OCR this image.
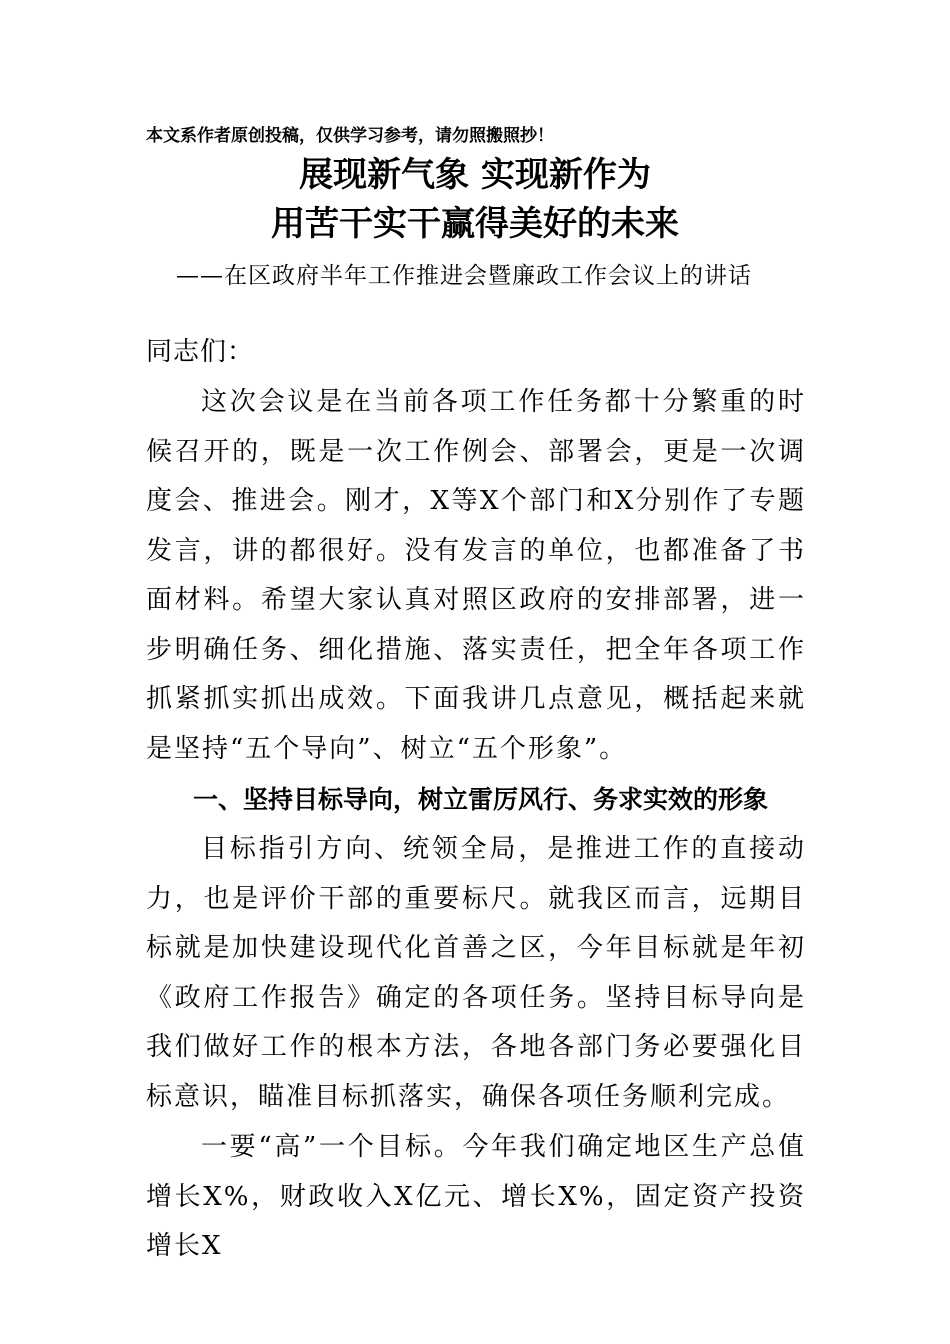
本文系作者原创投稿，仅供学习参考，请勿照搬照抄！
展现新气象 实现新作为
用苦干实干赢得美好的未来
——在区政府半年工作推进会暨廉政工作会议上的讲话
同志们：
这次会议是在当前各项工作任务都十分繁重的时候召开的，既是一次工作例会、部署会，更是一次调度会、推进会。刚才，X等X个部门和X分别作了专题发言，讲的都很好。没有发言的单位，也都准备了书面材料。希望大家认真对照区政府的安排部署，进一步明确任务、细化措施、落实责任，把全年各项工作抓紧抓实抓出成效。下面我讲几点意见，概括起来就是坚持“五个导向”、树立“五个形象”。
一、坚持目标导向，树立雷厉风行、务求实效的形象
目标指引方向、统领全局，是推进工作的直接动力，也是评价干部的重要标尺。就我区而言，远期目标就是加快建设现代化首善之区，今年目标就是年初《政府工作报告》确定的各项任务。坚持目标导向是我们做好工作的根本方法，各地各部门务必要强化目标意识，瞄准目标抓落实，确保各项任务顺利完成。
一要“高”一个目标。今年我们确定地区生产总值增长X%，财政收入X亿元、增长X%，固定资产投资增长X
